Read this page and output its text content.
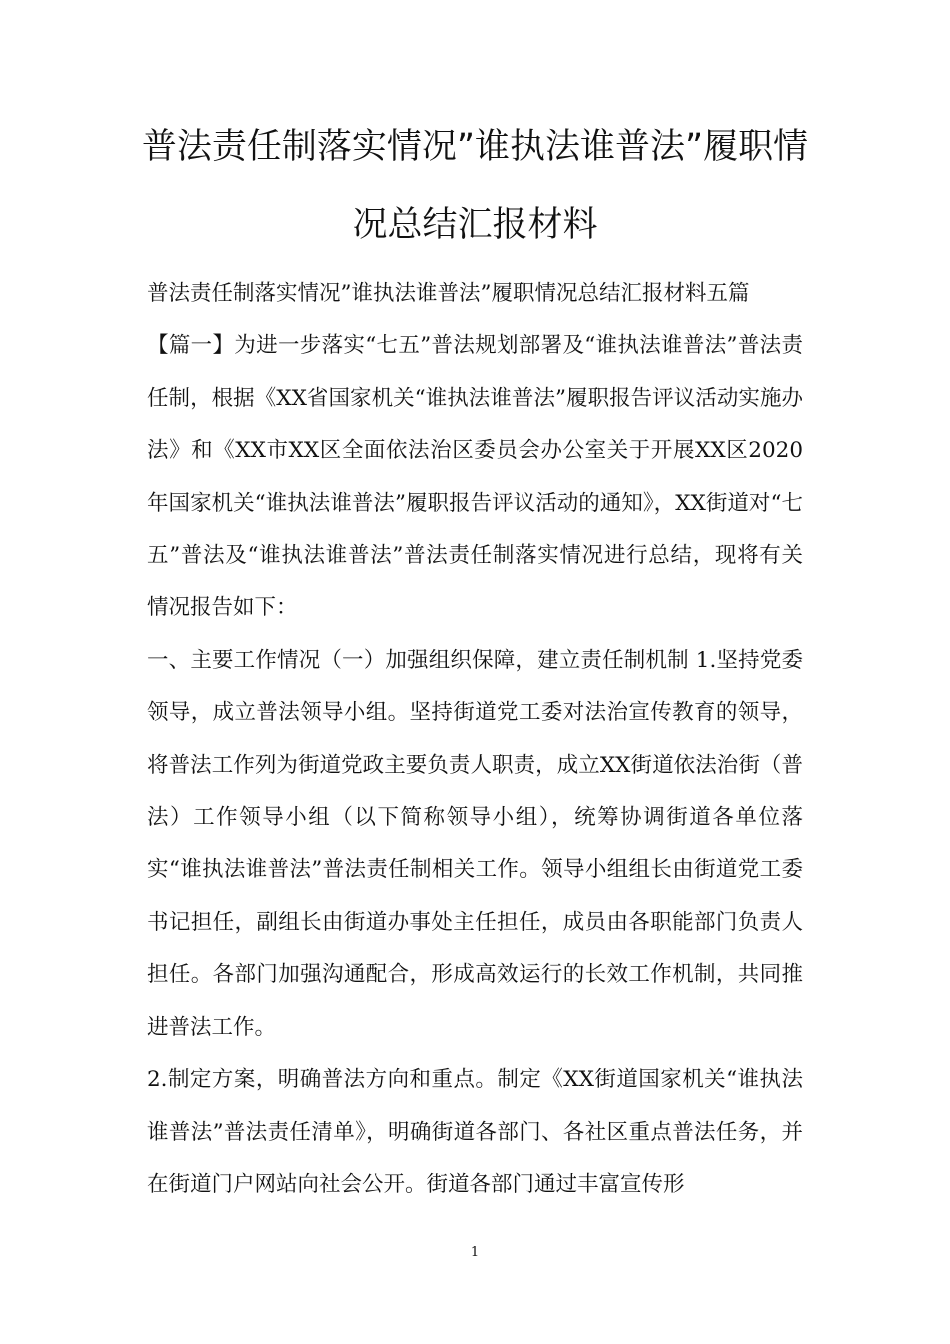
普法责任制落实情况”谁执法谁普法”履职情况总结汇报材料

普法责任制落实情况”谁执法谁普法”履职情况总结汇报材料五篇

【篇一】为进一步落实“七五”普法规划部署及“谁执法谁普法”普法责任制，根据《XX省国家机关“谁执法谁普法”履职报告评议活动实施办法》和《XX市XX区全面依法治区委员会办公室关于开展XX区2020年国家机关“谁执法谁普法”履职报告评议活动的通知》，XX街道对“七五”普法及“谁执法谁普法”普法责任制落实情况进行总结，现将有关情况报告如下：

一、主要工作情况（一）加强组织保障，建立责任制机制 1.坚持党委领导，成立普法领导小组。坚持街道党工委对法治宣传教育的领导，将普法工作列为街道党政主要负责人职责，成立XX街道依法治街（普法）工作领导小组（以下简称领导小组），统筹协调街道各单位落实“谁执法谁普法”普法责任制相关工作。领导小组组长由街道党工委书记担任，副组长由街道办事处主任担任，成员由各职能部门负责人担任。各部门加强沟通配合，形成高效运行的长效工作机制，共同推进普法工作。

2.制定方案，明确普法方向和重点。制定《XX街道国家机关“谁执法谁普法”普法责任清单》，明确街道各部门、各社区重点普法任务，并在街道门户网站向社会公开。街道各部门通过丰富宣传形

1
